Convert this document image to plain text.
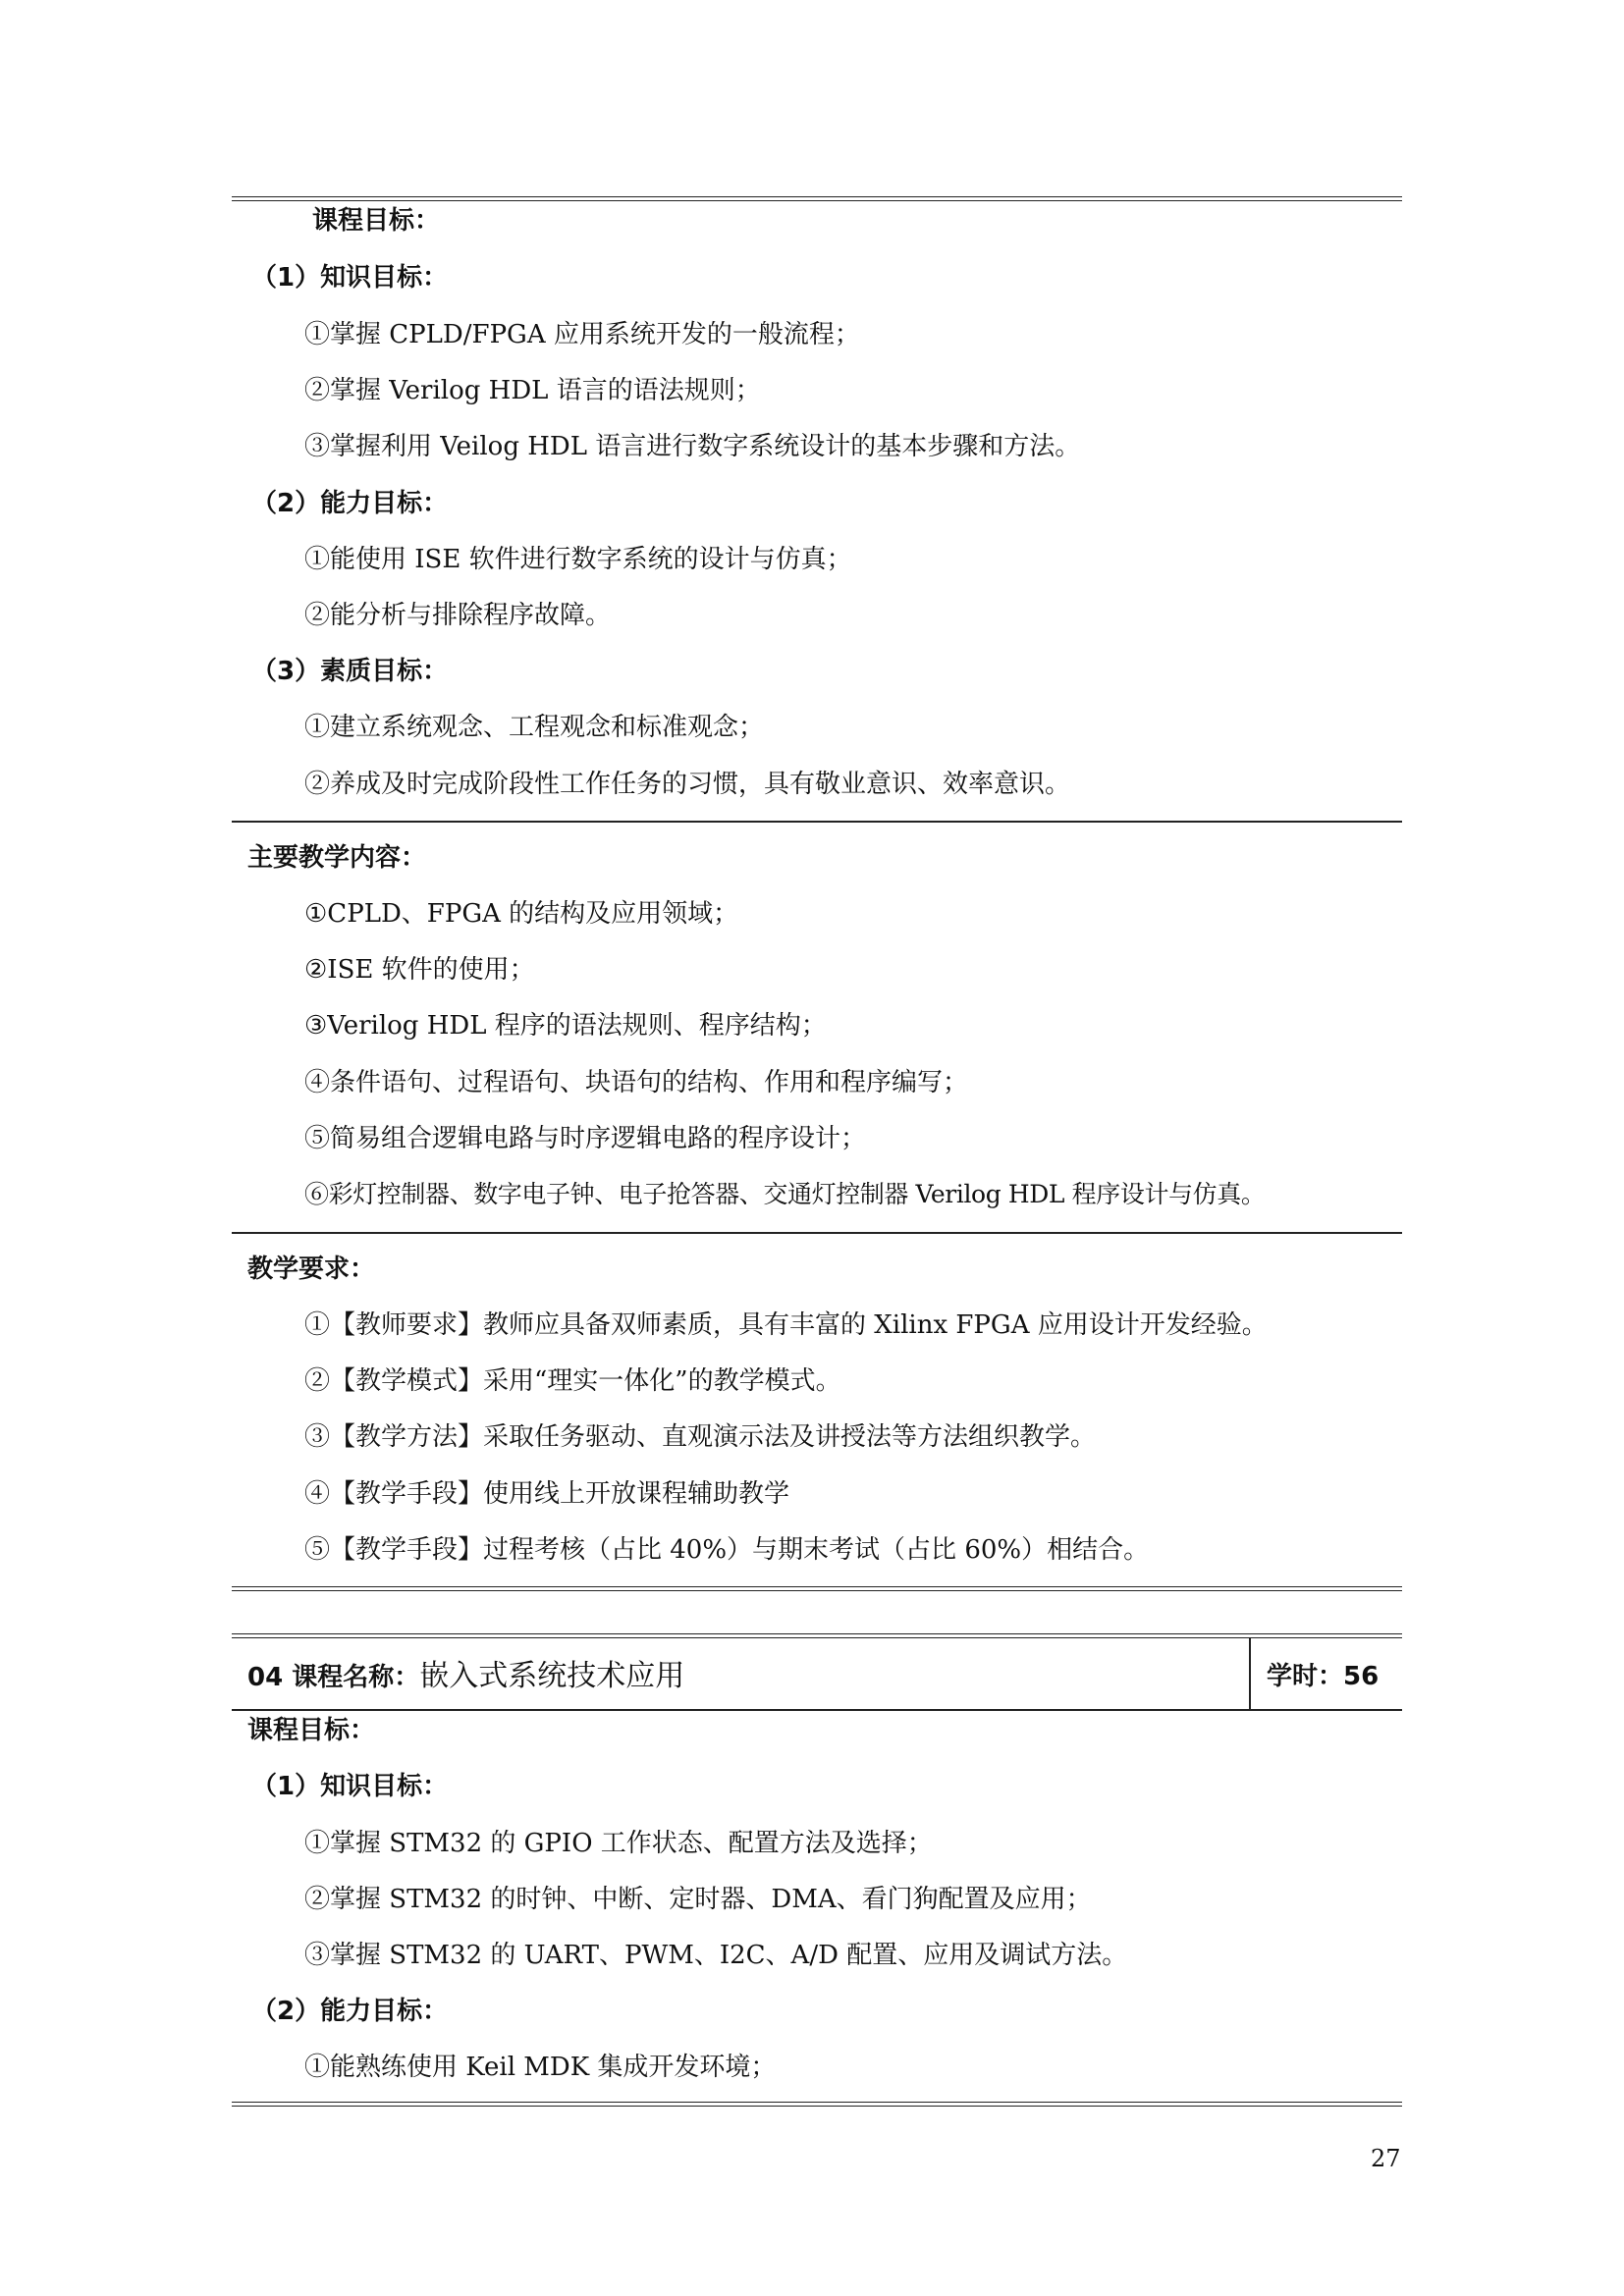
课程目标：
（1）知识目标：
①掌握 CPLD/FPGA 应用系统开发的一般流程；
②掌握 Verilog HDL 语言的语法规则；
③掌握利用 Veilog HDL 语言进行数字系统设计的基本步骤和方法。
（2）能力目标：
①能使用 ISE 软件进行数字系统的设计与仿真；
②能分析与排除程序故障。
（3）素质目标：
①建立系统观念、工程观念和标准观念；
②养成及时完成阶段性工作任务的习惯，具有敬业意识、效率意识。
主要教学内容：
①CPLD、FPGA 的结构及应用领域；
②ISE 软件的使用；
③Verilog HDL 程序的语法规则、程序结构；
④条件语句、过程语句、块语句的结构、作用和程序编写；
⑤简易组合逻辑电路与时序逻辑电路的程序设计；
⑥彩灯控制器、数字电子钟、电子抢答器、交通灯控制器 Verilog HDL 程序设计与仿真。
教学要求：
①【教师要求】教师应具备双师素质，具有丰富的 Xilinx FPGA 应用设计开发经验。
②【教学模式】采用“理实一体化”的教学模式。
③【教学方法】采取任务驱动、直观演示法及讲授法等方法组织教学。
④【教学手段】使用线上开放课程辅助教学
⑤【教学手段】过程考核（占比 40%）与期末考试（占比 60%）相结合。
04 课程名称：嵌入式系统技术应用	学时：56
课程目标：
（1）知识目标：
①掌握 STM32 的 GPIO 工作状态、配置方法及选择；
②掌握 STM32 的时钟、中断、定时器、DMA、看门狗配置及应用；
③掌握 STM32 的 UART、PWM、I2C、A/D 配置、应用及调试方法。
（2）能力目标：
①能熟练使用 Keil MDK 集成开发环境；
27
